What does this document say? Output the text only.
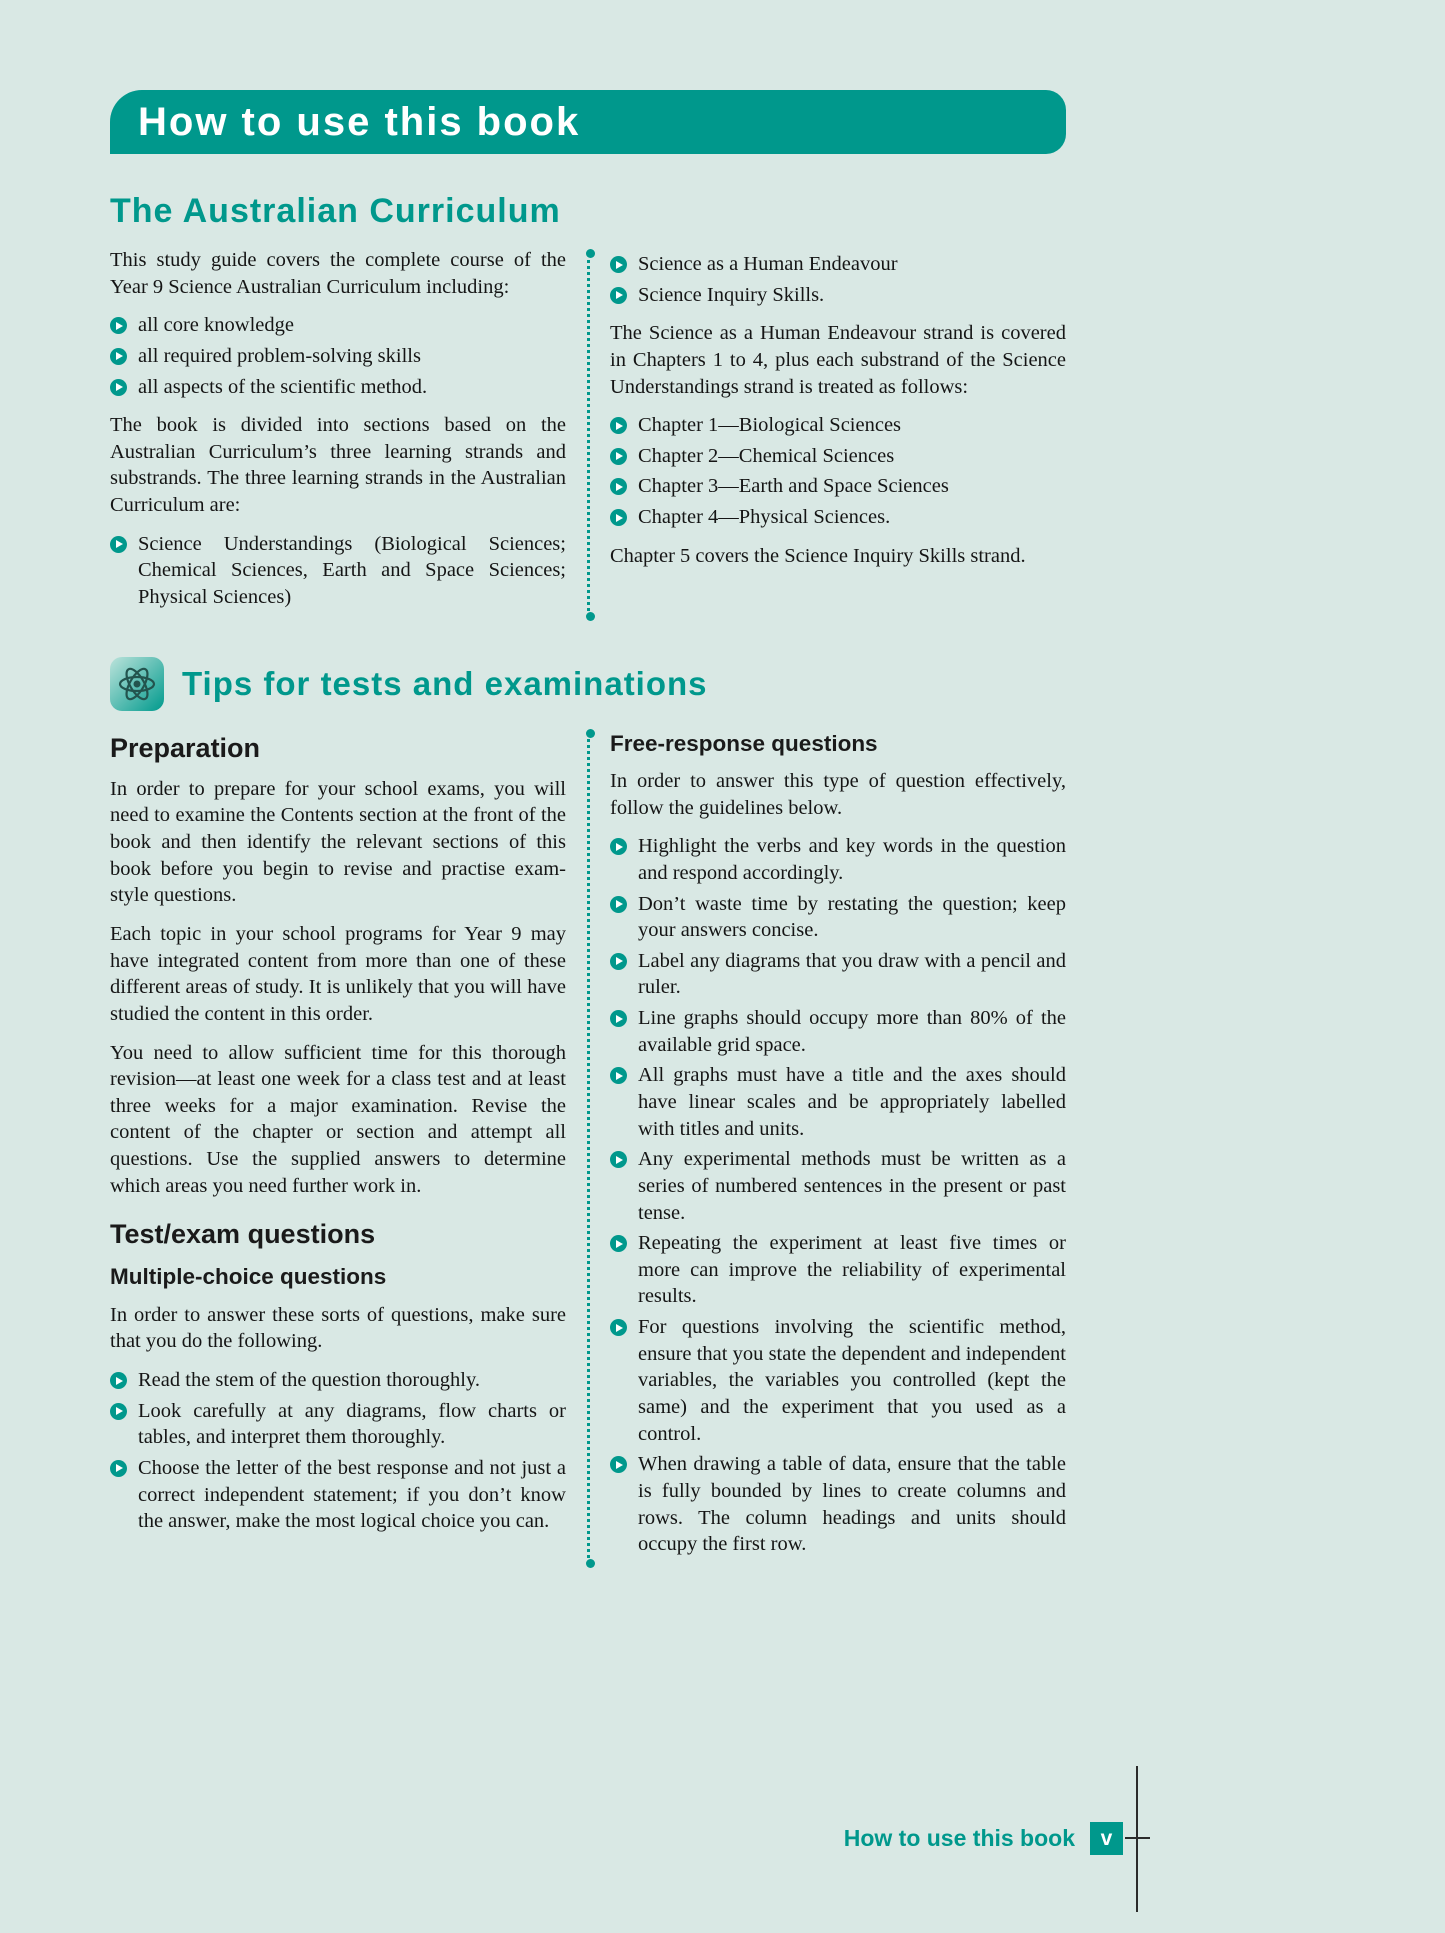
How to use this book
The Australian Curriculum

This study guide covers the complete course of the Year 9 Science Australian Curriculum including:

all core knowledge
all required problem-solving skills
all aspects of the scientific method.

The book is divided into sections based on the Australian Curriculum’s three learning strands and substrands. The three learning strands in the Australian Curriculum are:

Science Understandings (Biological Sciences; Chemical Sciences, Earth and Space Sciences; Physical Sciences)
Science as a Human Endeavour
Science Inquiry Skills.

The Science as a Human Endeavour strand is covered in Chapters 1 to 4, plus each substrand of the Science Understandings strand is treated as follows:

Chapter 1—Biological Sciences
Chapter 2—Chemical Sciences
Chapter 3—Earth and Space Sciences
Chapter 4—Physical Sciences.

Chapter 5 covers the Science Inquiry Skills strand.

Tips for tests and examinations
Preparation

In order to prepare for your school exams, you will need to examine the Contents section at the front of the book and then identify the relevant sections of this book before you begin to revise and practise exam-style questions.

Each topic in your school programs for Year 9 may have integrated content from more than one of these different areas of study. It is unlikely that you will have studied the content in this order.

You need to allow sufficient time for this thorough revision—at least one week for a class test and at least three weeks for a major examination. Revise the content of the chapter or section and attempt all questions. Use the supplied answers to determine which areas you need further work in.

Test/exam questions
Multiple-choice questions

In order to answer these sorts of questions, make sure that you do the following.

Read the stem of the question thoroughly.
Look carefully at any diagrams, flow charts or tables, and interpret them thoroughly.
Choose the letter of the best response and not just a correct independent statement; if you don’t know the answer, make the most logical choice you can.
Free-response questions

In order to answer this type of question effectively, follow the guidelines below.

Highlight the verbs and key words in the question and respond accordingly.
Don’t waste time by restating the question; keep your answers concise.
Label any diagrams that you draw with a pencil and ruler.
Line graphs should occupy more than 80% of the available grid space.
All graphs must have a title and the axes should have linear scales and be appropriately labelled with titles and units.
Any experimental methods must be written as a series of numbered sentences in the present or past tense.
Repeating the experiment at least five times or more can improve the reliability of experimental results.
For questions involving the scientific method, ensure that you state the dependent and independent variables, the variables you controlled (kept the same) and the experiment that you used as a control.
When drawing a table of data, ensure that the table is fully bounded by lines to create columns and rows. The column headings and units should occupy the first row.
How to use this book	v
